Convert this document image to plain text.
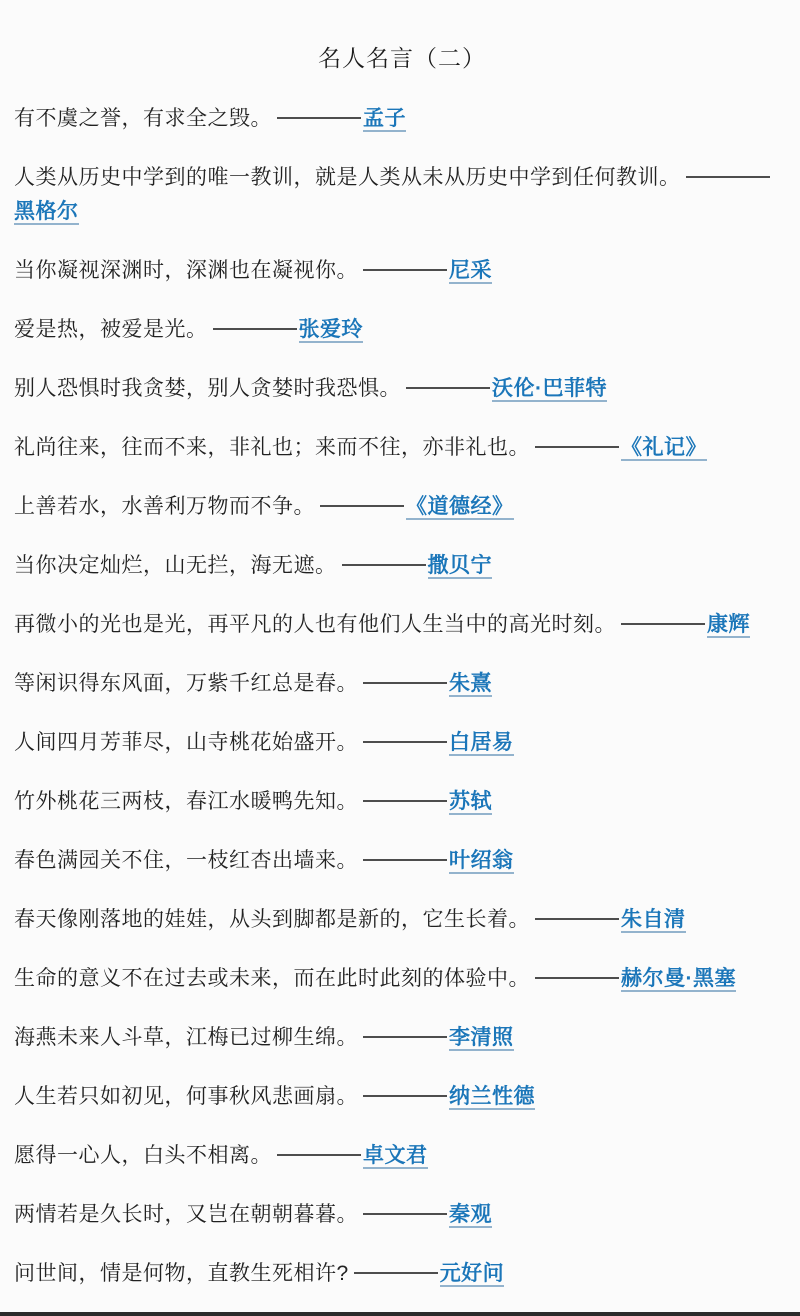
名人名言（二）
有不虞之誉，有求全之毁。	孟子
人类从历史中学到的唯一教训，就是人类从未从历史中学到任何教训。黑格尔
当你凝视深渊时，深渊也在凝视你。	尼采
爱是热，被爱是光。	张爱玲
别人恐惧时我贪婪，别人贪婪时我恐惧。	沃伦·巴菲特
礼尚往来，往而不来，非礼也；来而不往，亦非礼也。	《礼记》
上善若水，水善利万物而不争。	《道德经》
当你决定灿烂，山无拦，海无遮。	撒贝宁
再微小的光也是光，再平凡的人也有他们人生当中的高光时刻。	康辉
等闲识得东风面，万紫千红总是春。	朱熹
人间四月芳菲尽，山寺桃花始盛开。	白居易
竹外桃花三两枝，春江水暖鸭先知。	苏轼
春色满园关不住，一枝红杏出墙来。	叶绍翁
春天像刚落地的娃娃，从头到脚都是新的，它生长着。	朱自清
生命的意义不在过去或未来，而在此时此刻的体验中。	赫尔曼·黑塞
海燕未来人斗草，江梅已过柳生绵。	李清照
人生若只如初见，何事秋风悲画扇。	纳兰性德
愿得一心人，白头不相离。	卓文君
两情若是久长时，又岂在朝朝暮暮。	秦观
问世间，情是何物，直教生死相许?	元好问
